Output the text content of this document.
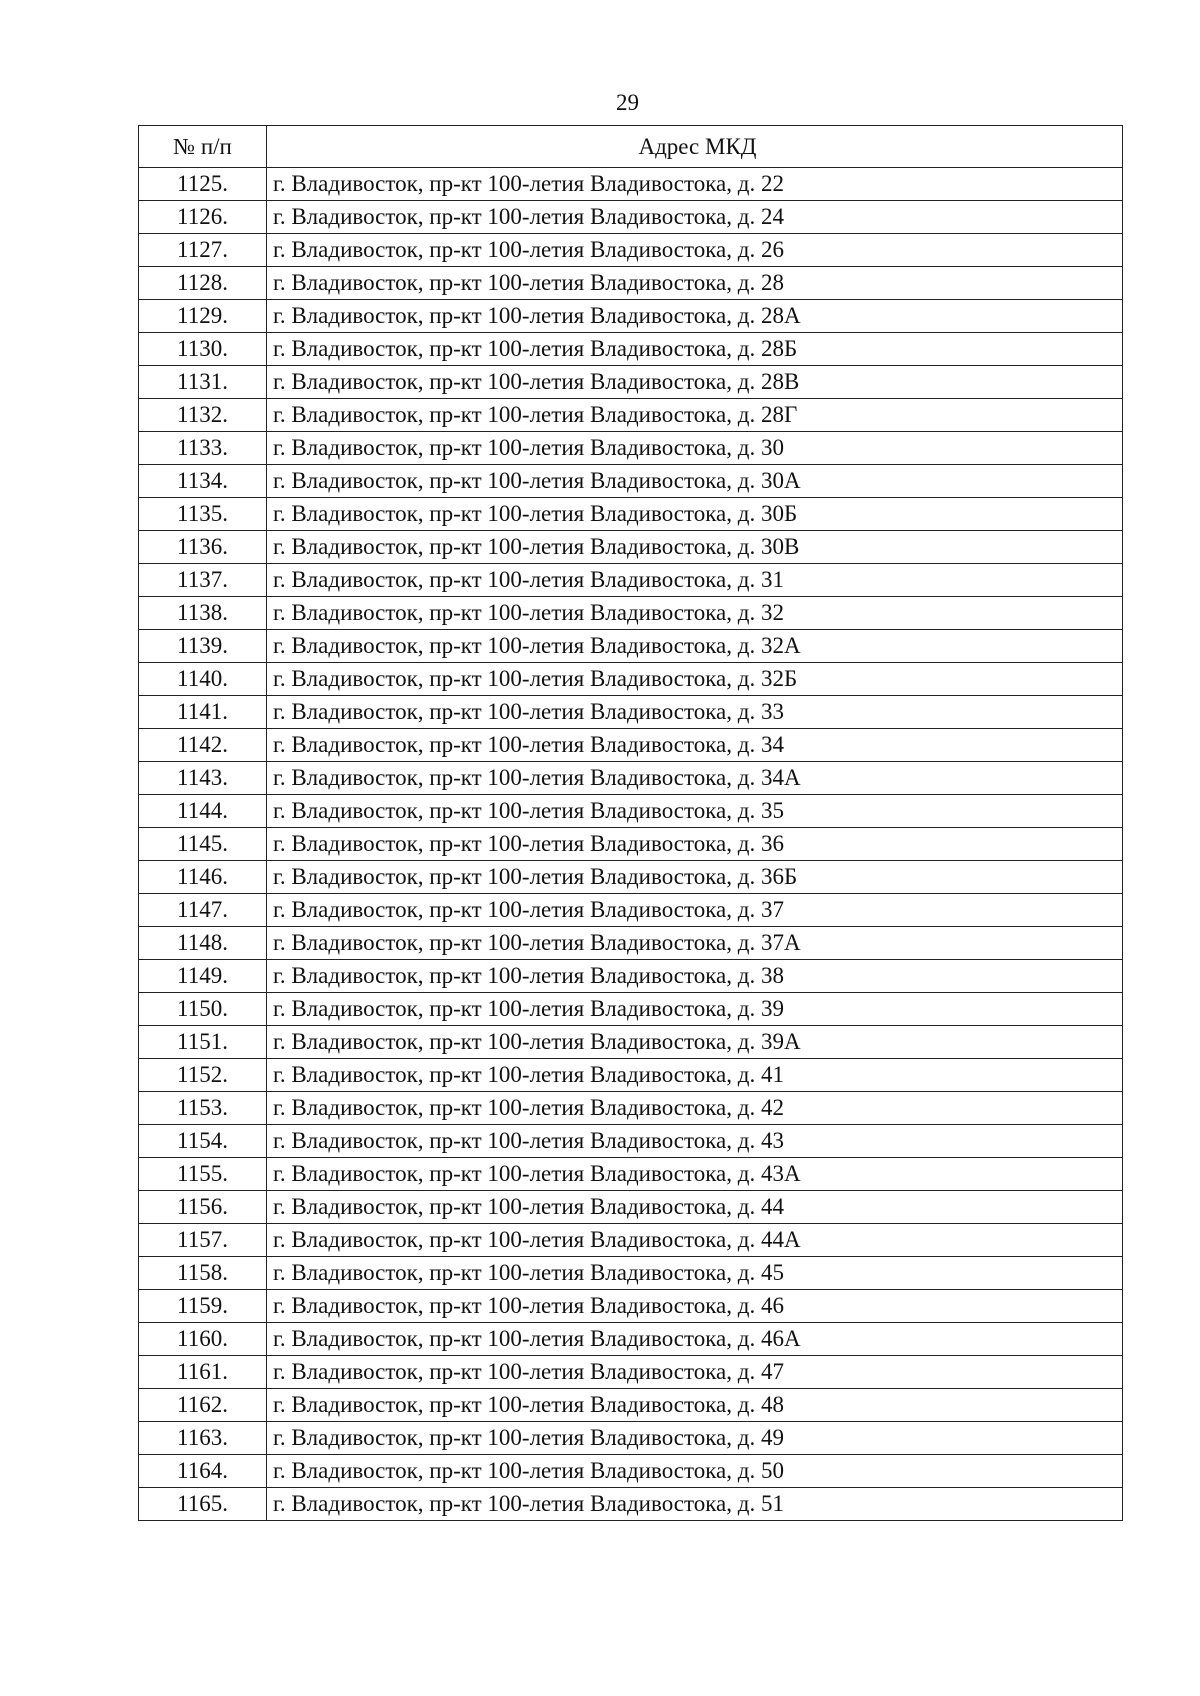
29
№ п/п	Адрес МКД
1125.	г. Владивосток, пр-кт 100-летия Владивостока, д. 22
1126.	г. Владивосток, пр-кт 100-летия Владивостока, д. 24
1127.	г. Владивосток, пр-кт 100-летия Владивостока, д. 26
1128.	г. Владивосток, пр-кт 100-летия Владивостока, д. 28
1129.	г. Владивосток, пр-кт 100-летия Владивостока, д. 28А
1130.	г. Владивосток, пр-кт 100-летия Владивостока, д. 28Б
1131.	г. Владивосток, пр-кт 100-летия Владивостока, д. 28В
1132.	г. Владивосток, пр-кт 100-летия Владивостока, д. 28Г
1133.	г. Владивосток, пр-кт 100-летия Владивостока, д. 30
1134.	г. Владивосток, пр-кт 100-летия Владивостока, д. 30А
1135.	г. Владивосток, пр-кт 100-летия Владивостока, д. 30Б
1136.	г. Владивосток, пр-кт 100-летия Владивостока, д. 30В
1137.	г. Владивосток, пр-кт 100-летия Владивостока, д. 31
1138.	г. Владивосток, пр-кт 100-летия Владивостока, д. 32
1139.	г. Владивосток, пр-кт 100-летия Владивостока, д. 32А
1140.	г. Владивосток, пр-кт 100-летия Владивостока, д. 32Б
1141.	г. Владивосток, пр-кт 100-летия Владивостока, д. 33
1142.	г. Владивосток, пр-кт 100-летия Владивостока, д. 34
1143.	г. Владивосток, пр-кт 100-летия Владивостока, д. 34А
1144.	г. Владивосток, пр-кт 100-летия Владивостока, д. 35
1145.	г. Владивосток, пр-кт 100-летия Владивостока, д. 36
1146.	г. Владивосток, пр-кт 100-летия Владивостока, д. 36Б
1147.	г. Владивосток, пр-кт 100-летия Владивостока, д. 37
1148.	г. Владивосток, пр-кт 100-летия Владивостока, д. 37А
1149.	г. Владивосток, пр-кт 100-летия Владивостока, д. 38
1150.	г. Владивосток, пр-кт 100-летия Владивостока, д. 39
1151.	г. Владивосток, пр-кт 100-летия Владивостока, д. 39А
1152.	г. Владивосток, пр-кт 100-летия Владивостока, д. 41
1153.	г. Владивосток, пр-кт 100-летия Владивостока, д. 42
1154.	г. Владивосток, пр-кт 100-летия Владивостока, д. 43
1155.	г. Владивосток, пр-кт 100-летия Владивостока, д. 43А
1156.	г. Владивосток, пр-кт 100-летия Владивостока, д. 44
1157.	г. Владивосток, пр-кт 100-летия Владивостока, д. 44А
1158.	г. Владивосток, пр-кт 100-летия Владивостока, д. 45
1159.	г. Владивосток, пр-кт 100-летия Владивостока, д. 46
1160.	г. Владивосток, пр-кт 100-летия Владивостока, д. 46А
1161.	г. Владивосток, пр-кт 100-летия Владивостока, д. 47
1162.	г. Владивосток, пр-кт 100-летия Владивостока, д. 48
1163.	г. Владивосток, пр-кт 100-летия Владивостока, д. 49
1164.	г. Владивосток, пр-кт 100-летия Владивостока, д. 50
1165.	г. Владивосток, пр-кт 100-летия Владивостока, д. 51
